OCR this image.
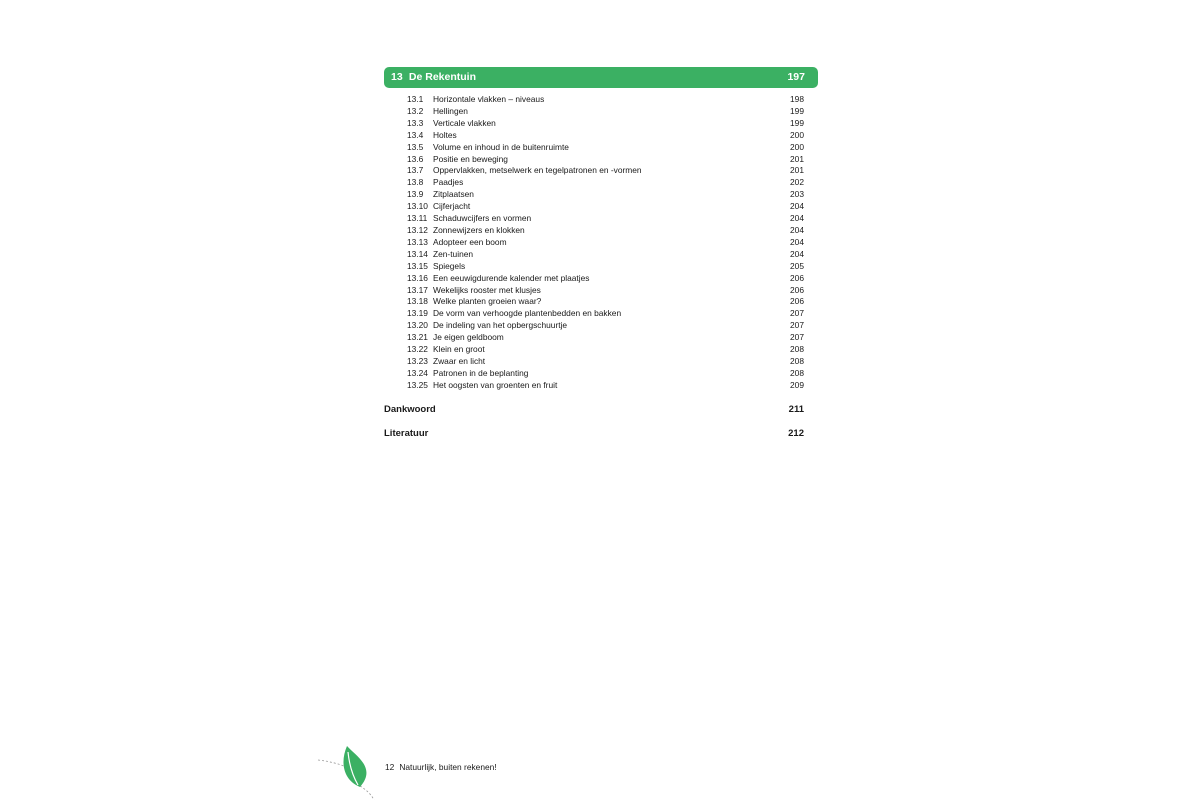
13 De Rekentuin	197
13.1 Horizontale vlakken – niveaus	198
13.2 Hellingen	199
13.3 Verticale vlakken	199
13.4 Holtes	200
13.5 Volume en inhoud in de buitenruimte	200
13.6 Positie en beweging	201
13.7 Oppervlakken, metselwerk en tegelpatronen en -vormen	201
13.8 Paadjes	202
13.9 Zitplaatsen	203
13.10 Cijferjacht	204
13.11 Schaduwcijfers en vormen	204
13.12 Zonnewijzers en klokken	204
13.13 Adopteer een boom	204
13.14 Zen-tuinen	204
13.15 Spiegels	205
13.16 Een eeuwigdurende kalender met plaatjes	206
13.17 Wekelijks rooster met klusjes	206
13.18 Welke planten groeien waar?	206
13.19 De vorm van verhoogde plantenbedden en bakken	207
13.20 De indeling van het opbergschuurtje	207
13.21 Je eigen geldboom	207
13.22 Klein en groot	208
13.23 Zwaar en licht	208
13.24 Patronen in de beplanting	208
13.25 Het oogsten van groenten en fruit	209
Dankwoord	211
Literatuur	212
12 Natuurlijk, buiten rekenen!
